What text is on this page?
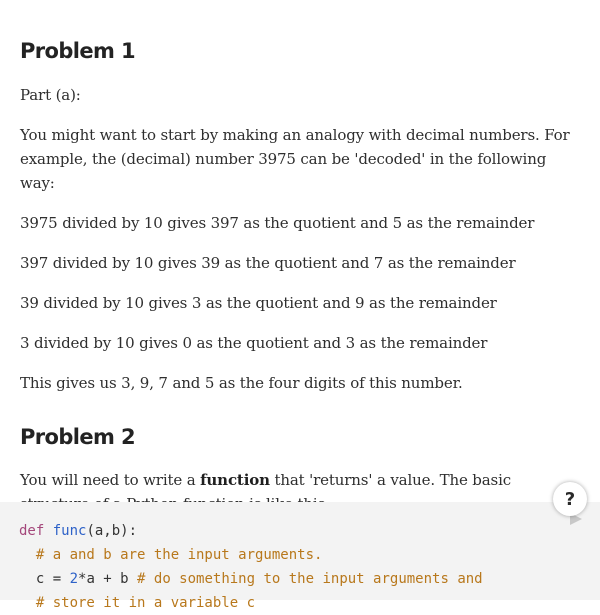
Problem 1

Part (a):

You might want to start by making an analogy with decimal numbers. For example, the (decimal) number 3975 can be 'decoded' in the following way:

3975 divided by 10 gives 397 as the quotient and 5 as the remainder

397 divided by 10 gives 39 as the quotient and 7 as the remainder

39 divided by 10 gives 3 as the quotient and 9 as the remainder

3 divided by 10 gives 0 as the quotient and 3 as the remainder

This gives us 3, 9, 7 and 5 as the four digits of this number.

Problem 2

You will need to write a function that 'returns' a value. The basic

def func(a,b):
# a and b are the input arguments.
c = 2*a + b # do something to the input arguments and
# store it in a variable c
?
